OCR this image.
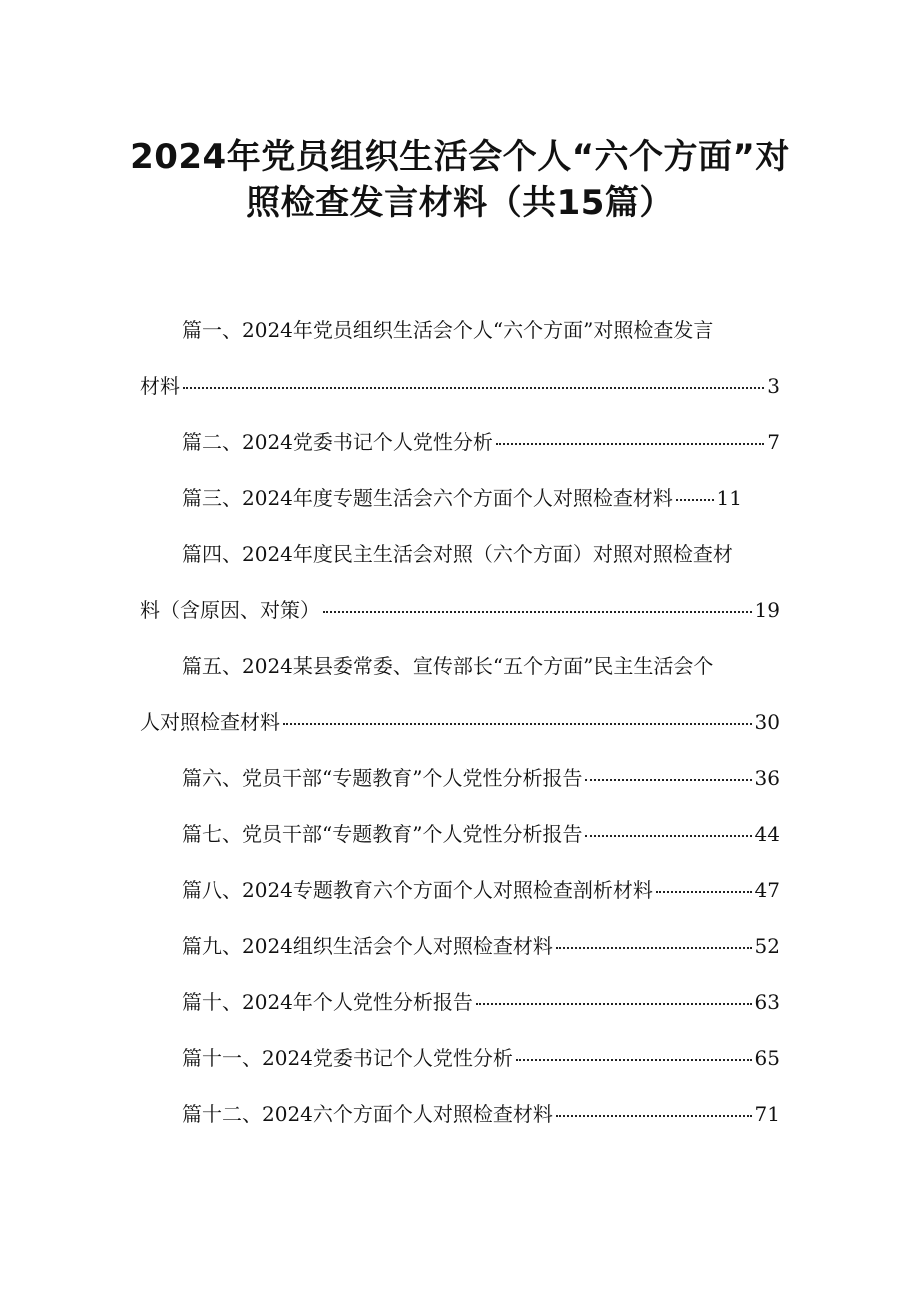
2024年党员组织生活会个人“六个方面”对
照检查发言材料（共15篇）
篇一、2024年党员组织生活会个人“六个方面”对照检查发言
材料	3
篇二、2024党委书记个人党性分析	7
篇三、2024年度专题生活会六个方面个人对照检查材料 11
篇四、2024年度民主生活会对照（六个方面）对照对照检查材
料（含原因、对策）	19
篇五、2024某县委常委、宣传部长“五个方面”民主生活会个
人对照检查材料	30
篇六、党员干部“专题教育”个人党性分析报告	36
篇七、党员干部“专题教育”个人党性分析报告	44
篇八、2024专题教育六个方面个人对照检查剖析材料	47
篇九、2024组织生活会个人对照检查材料	52
篇十、2024年个人党性分析报告	63
篇十一、2024党委书记个人党性分析	65
篇十二、2024六个方面个人对照检查材料	71
